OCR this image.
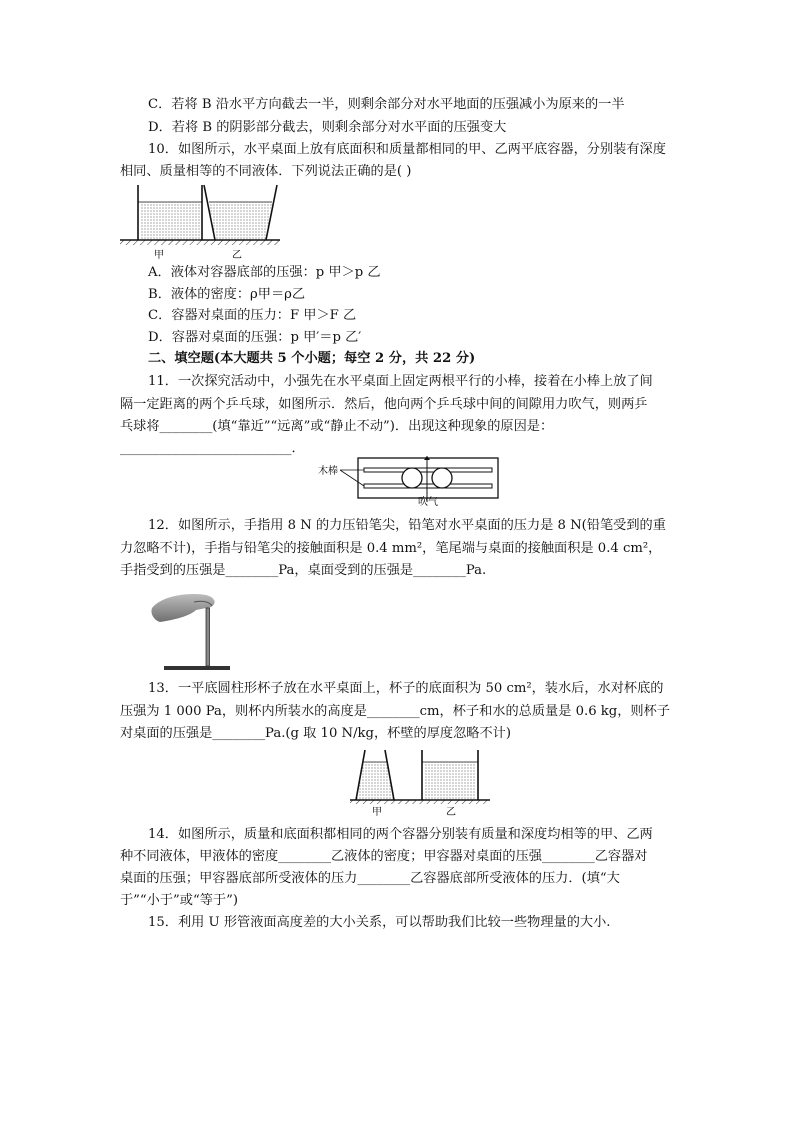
C．若将 B 沿水平方向截去一半，则剩余部分对水平地面的压强减小为原来的一半
D．若将 B 的阴影部分截去，则剩余部分对水平面的压强变大
10．如图所示，水平桌面上放有底面积和质量都相同的甲、乙两平底容器，分别装有深度
相同、质量相等的不同液体．下列说法正确的是( )
甲	乙
A．液体对容器底部的压强：p 甲＞p 乙
B．液体的密度：ρ甲＝ρ乙
C．容器对桌面的压力：F 甲＞F 乙
D．容器对桌面的压强：p 甲′＝p 乙′
二、填空题(本大题共 5 个小题；每空 2 分，共 22 分)
11．一次探究活动中，小强先在水平桌面上固定两根平行的小棒，接着在小棒上放了间
隔一定距离的两个乒乓球，如图所示．然后，他向两个乒乓球中间的间隙用力吹气，则两乒
乓球将________(填“靠近”“远离”或“静止不动”)．出现这种现象的原因是：
__________________________．
木棒
吹气
12．如图所示，手指用 8 N 的力压铅笔尖，铅笔对水平桌面的压力是 8 N(铅笔受到的重
力忽略不计)，手指与铅笔尖的接触面积是 0.4 mm²，笔尾端与桌面的接触面积是 0.4 cm²，
手指受到的压强是________Pa，桌面受到的压强是________Pa.
13．一平底圆柱形杯子放在水平桌面上，杯子的底面积为 50 cm²，装水后，水对杯底的
压强为 1 000 Pa，则杯内所装水的高度是________cm，杯子和水的总质量是 0.6 kg，则杯子
对桌面的压强是________Pa.(g 取 10 N/kg，杯壁的厚度忽略不计)
甲	乙
14．如图所示，质量和底面积都相同的两个容器分别装有质量和深度均相等的甲、乙两
种不同液体，甲液体的密度________乙液体的密度；甲容器对桌面的压强________乙容器对
桌面的压强；甲容器底部所受液体的压力________乙容器底部所受液体的压力．(填“大
于”“小于”或“等于”)
15．利用 U 形管液面高度差的大小关系，可以帮助我们比较一些物理量的大小.
